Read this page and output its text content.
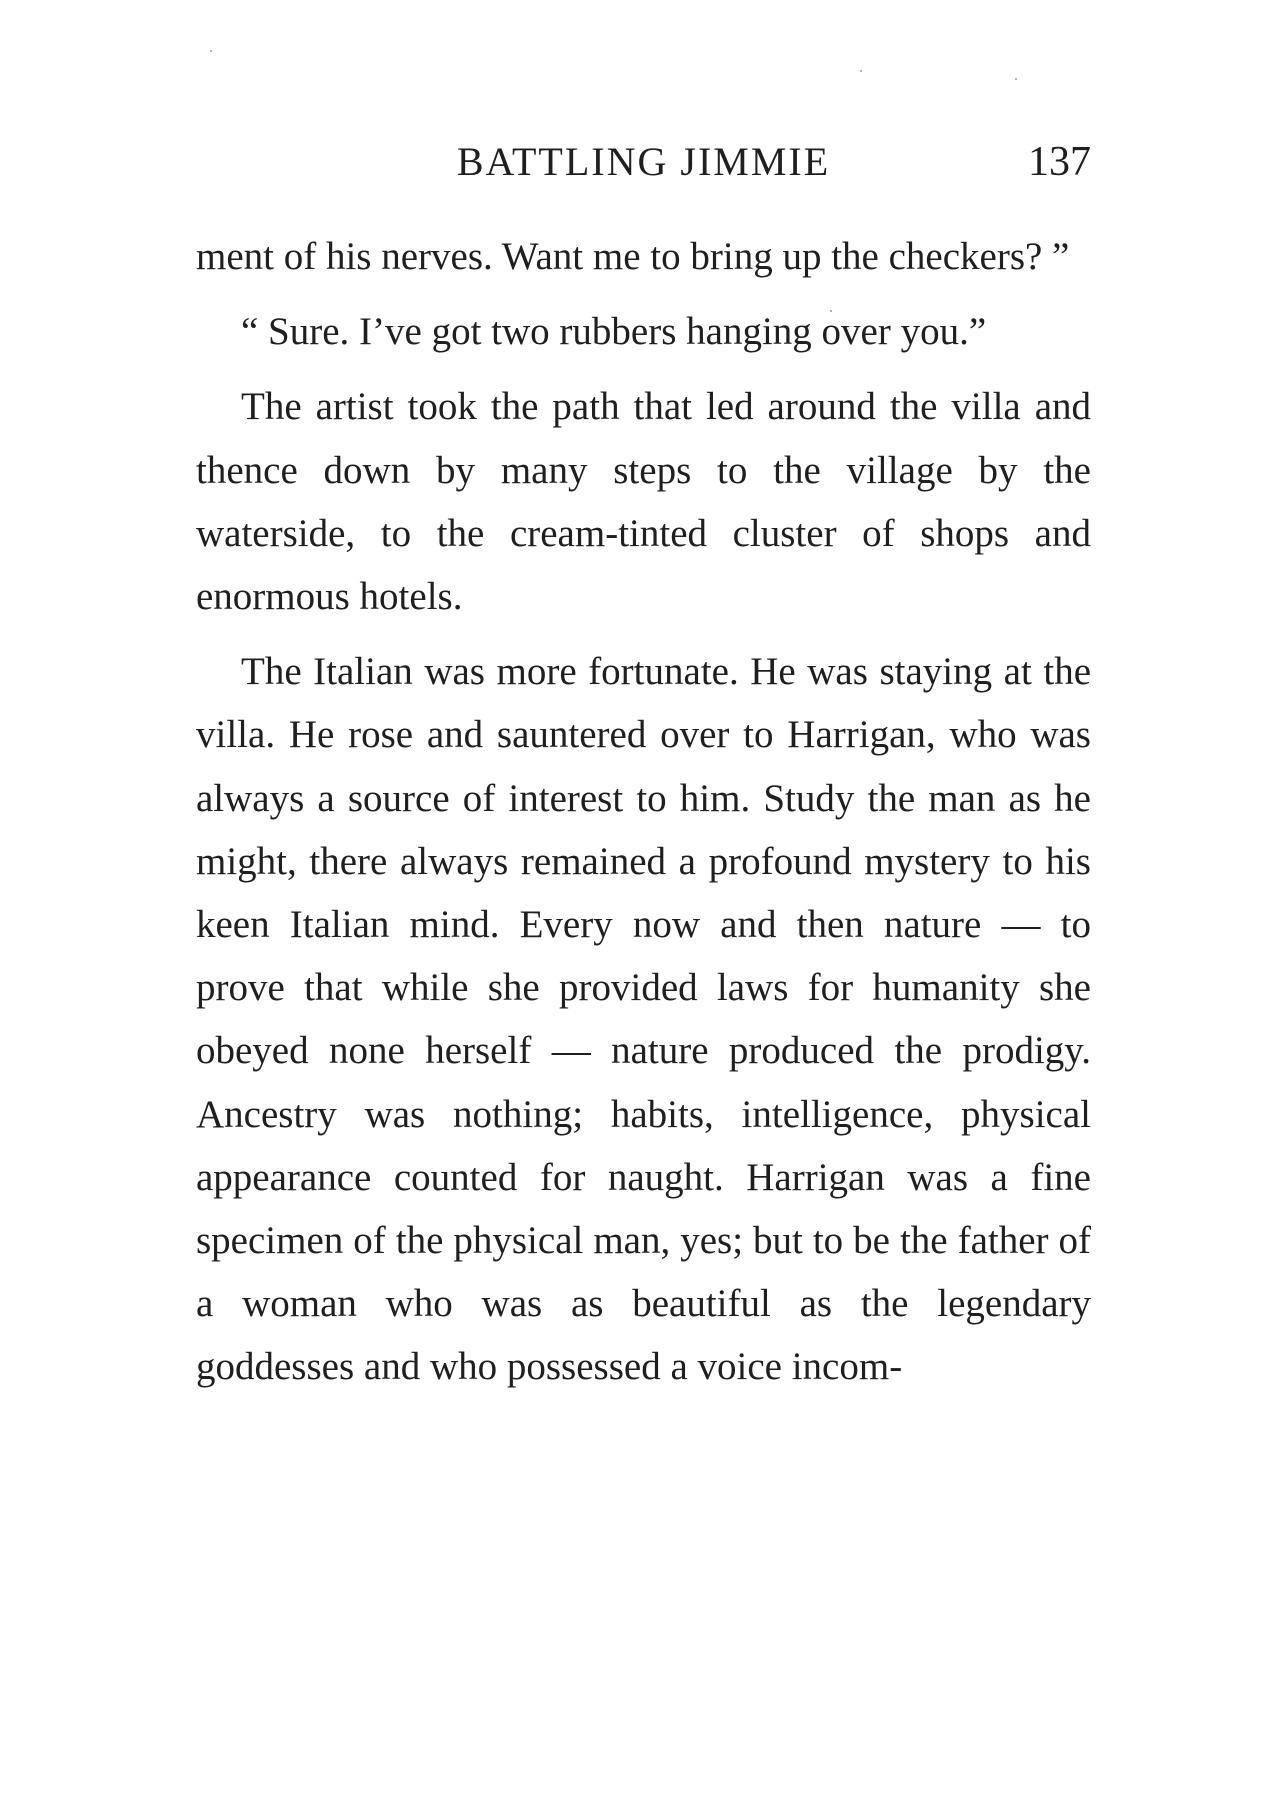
BATTLING JIMMIE	137

ment of his nerves. Want me to bring up the checkers? ”

“ Sure. I’ve got two rubbers hanging over you.”

The artist took the path that led around the villa and thence down by many steps to the village by the waterside, to the cream-tinted cluster of shops and enormous hotels.

The Italian was more fortunate. He was staying at the villa. He rose and sauntered over to Harrigan, who was always a source of interest to him. Study the man as he might, there always remained a profound mystery to his keen Italian mind. Every now and then nature — to prove that while she provided laws for humanity she obeyed none herself — nature produced the prodigy. Ancestry was nothing; habits, intelligence, physical appearance counted for naught. Harrigan was a fine specimen of the physical man, yes; but to be the father of a woman who was as beautiful as the legendary goddesses and who possessed a voice incom-
